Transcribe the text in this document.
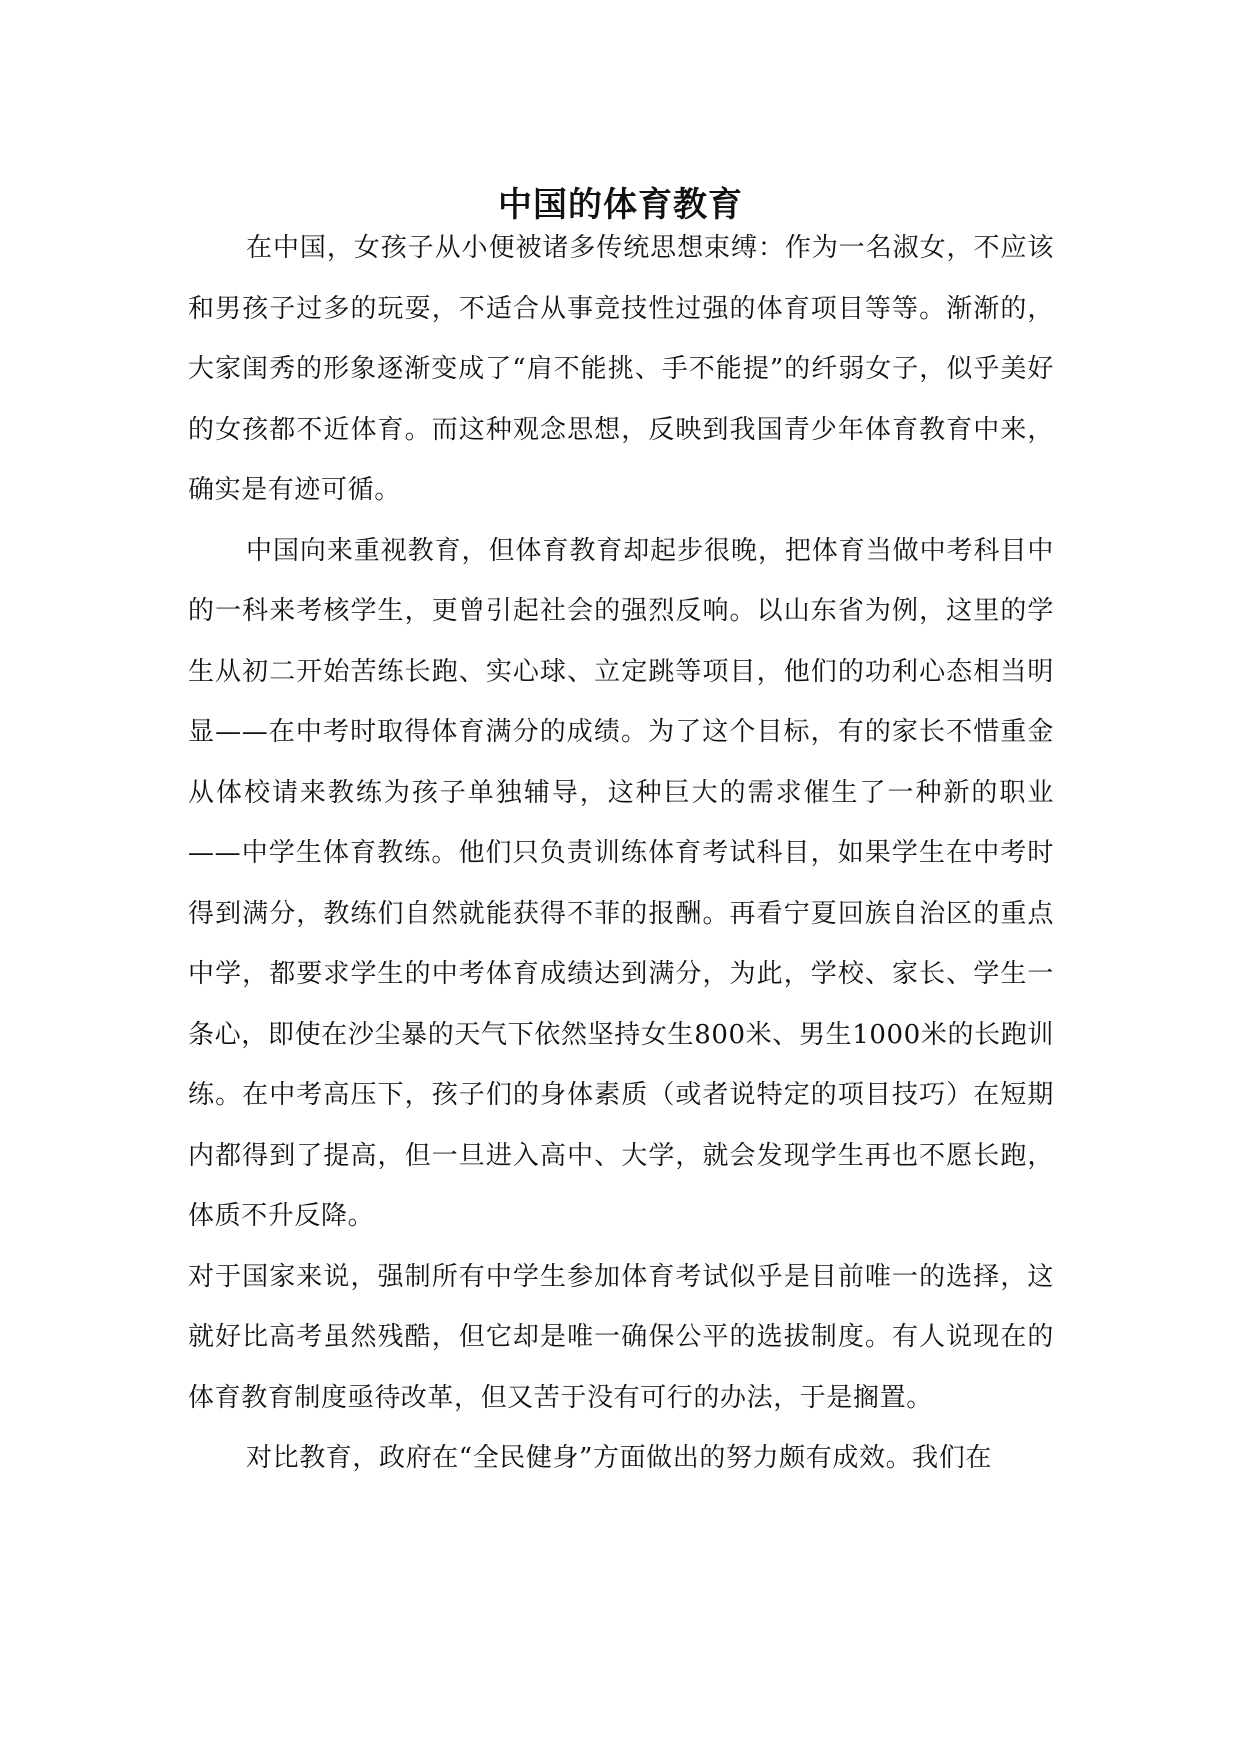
中国的体育教育

在中国，女孩子从小便被诸多传统思想束缚：作为一名淑女，不应该和男孩子过多的玩耍，不适合从事竞技性过强的体育项目等等。渐渐的，大家闺秀的形象逐渐变成了“肩不能挑、手不能提”的纤弱女子，似乎美好的女孩都不近体育。而这种观念思想，反映到我国青少年体育教育中来，确实是有迹可循。

中国向来重视教育，但体育教育却起步很晚，把体育当做中考科目中的一科来考核学生，更曾引起社会的强烈反响。以山东省为例，这里的学生从初二开始苦练长跑、实心球、立定跳等项目，他们的功利心态相当明显——在中考时取得体育满分的成绩。为了这个目标，有的家长不惜重金从体校请来教练为孩子单独辅导，这种巨大的需求催生了一种新的职业——中学生体育教练。他们只负责训练体育考试科目，如果学生在中考时得到满分，教练们自然就能获得不菲的报酬。再看宁夏回族自治区的重点中学，都要求学生的中考体育成绩达到满分，为此，学校、家长、学生一条心，即使在沙尘暴的天气下依然坚持女生800米、男生1000米的长跑训练。在中考高压下，孩子们的身体素质（或者说特定的项目技巧）在短期内都得到了提高，但一旦进入高中、大学，就会发现学生再也不愿长跑，体质不升反降。

对于国家来说，强制所有中学生参加体育考试似乎是目前唯一的选择，这就好比高考虽然残酷，但它却是唯一确保公平的选拔制度。有人说现在的体育教育制度亟待改革，但又苦于没有可行的办法，于是搁置。

对比教育，政府在“全民健身”方面做出的努力颇有成效。我们在
